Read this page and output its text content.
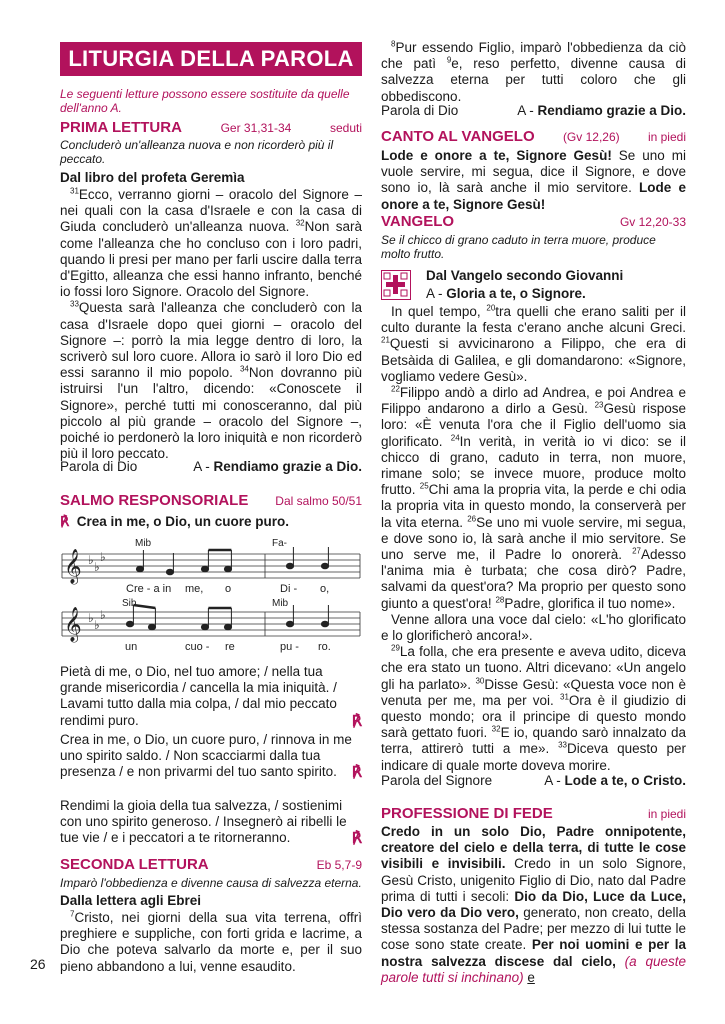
LITURGIA DELLA PAROLA
Le seguenti letture possono essere sostituite da quelle dell'anno A.
PRIMA LETTURA	Ger 31,31-34	seduti
Concluderò un'alleanza nuova e non ricorderò più il peccato.
Dal libro del profeta Geremìa

$^{31}$Ecco, verranno giorni – oracolo del Signore – nei quali con la casa d'Israele e con la casa di Giuda concluderò un'alleanza nuova. $^{32}$Non sarà come l'alleanza che ho concluso con i loro padri, quando li presi per mano per farli uscire dalla terra d'Egitto, alleanza che essi hanno infranto, benché io fossi loro Signore. Oracolo del Signore.

$^{33}$Questa sarà l'alleanza che concluderò con la casa d'Israele dopo quei giorni – oracolo del Signore –: porrò la mia legge dentro di loro, la scriverò sul loro cuore. Allora io sarò il loro Dio ed essi saranno il mio popolo. $^{34}$Non dovranno più istruirsi l'un l'altro, dicendo: «Conoscete il Signore», perché tutti mi conosceranno, dal più piccolo al più grande – oracolo del Signore –, poiché io perdonerò la loro iniquità e non ricorderò più il loro peccato.

Parola di Dio	A - Rendiamo grazie a Dio.
SALMO RESPONSORIALE Dal salmo 50/51
℟ Crea in me, o Dio, un cuore puro.
𝄞
𝄞
♭ ♭
♭
♭ ♭
♭
Mib	Fa-
Sib	Mib
Cre - a in me, o	Di - o,
un	cuo - re	pu - ro.
Pietà di me, o Dio, nel tuo amore; / nella tua grande misericordia / cancella la mia iniquità. / Lavami tutto dalla mia colpa, / dal mio peccato rendimi puro.	℟
Crea in me, o Dio, un cuore puro, / rinnova in me uno spirito saldo. / Non scacciarmi dalla tua presenza / e non privarmi del tuo santo spirito. ℟
Rendimi la gioia della tua salvezza, / sostienimi con uno spirito generoso. / Insegnerò ai ribelli le tue vie / e i peccatori a te ritorneranno.	℟
SECONDA LETTURA	Eb 5,7-9
Imparò l'obbedienza e divenne causa di salvezza eterna.
Dalla lettera agli Ebrei

$^7$Cristo, nei giorni della sua vita terrena, offrì preghiere e suppliche, con forti grida e lacrime, a Dio che poteva salvarlo da morte e, per il suo pieno abbandono a lui, venne esaudito.

26

$^8$Pur essendo Figlio, imparò l'obbedienza da ciò che patì $^9$e, reso perfetto, divenne causa di salvezza eterna per tutti coloro che gli obbediscono.

Parola di Dio	A - Rendiamo grazie a Dio.
CANTO AL VANGELO (Gv 12,26) in piedi
Lode e onore a te, Signore Gesù! Se uno mi vuole servire, mi segua, dice il Signore, e dove sono io, là sarà anche il mio servitore. Lode e onore a te, Signore Gesù!
VANGELO	Gv 12,20-33
Se il chicco di grano caduto in terra muore, produce molto frutto.
Dal Vangelo secondo Giovanni
A - Gloria a te, o Signore.

In quel tempo, $^{20}$tra quelli che erano saliti per il culto durante la festa c'erano anche alcuni Greci. $^{21}$Questi si avvicinarono a Filippo, che era di Betsàida di Galilea, e gli domandarono: «Signore, vogliamo vedere Gesù».

$^{22}$Filippo andò a dirlo ad Andrea, e poi Andrea e Filippo andarono a dirlo a Gesù. $^{23}$Gesù rispose loro: «È venuta l'ora che il Figlio dell'uomo sia glorificato. $^{24}$In verità, in verità io vi dico: se il chicco di grano, caduto in terra, non muore, rimane solo; se invece muore, produce molto frutto. $^{25}$Chi ama la propria vita, la perde e chi odia la propria vita in questo mondo, la conserverà per la vita eterna. $^{26}$Se uno mi vuole servire, mi segua, e dove sono io, là sarà anche il mio servitore. Se uno serve me, il Padre lo onorerà. $^{27}$Adesso l'anima mia è turbata; che cosa dirò? Padre, salvami da quest'ora? Ma proprio per questo sono giunto a quest'ora! $^{28}$Padre, glorifica il tuo nome».

Venne allora una voce dal cielo: «L'ho glorificato e lo glorificherò ancora!».

$^{29}$La folla, che era presente e aveva udito, diceva che era stato un tuono. Altri dicevano: «Un angelo gli ha parlato». $^{30}$Disse Gesù: «Questa voce non è venuta per me, ma per voi. $^{31}$Ora è il giudizio di questo mondo; ora il principe di questo mondo sarà gettato fuori. $^{32}$E io, quando sarò innalzato da terra, attirerò tutti a me». $^{33}$Diceva questo per indicare di quale morte doveva morire.

Parola del Signore	A - Lode a te, o Cristo.
PROFESSIONE DI FEDE	in piedi
Credo in un solo Dio, Padre onnipotente, creatore del cielo e della terra, di tutte le cose visibili e invisibili. Credo in un solo Signore, Gesù Cristo, unigenito Figlio di Dio, nato dal Padre prima di tutti i secoli: Dio da Dio, Luce da Luce, Dio vero da Dio vero, generato, non creato, della stessa sostanza del Padre; per mezzo di lui tutte le cose sono state create. Per noi uomini e per la nostra salvezza discese dal cielo, (a queste parole tutti si inchinano) e
